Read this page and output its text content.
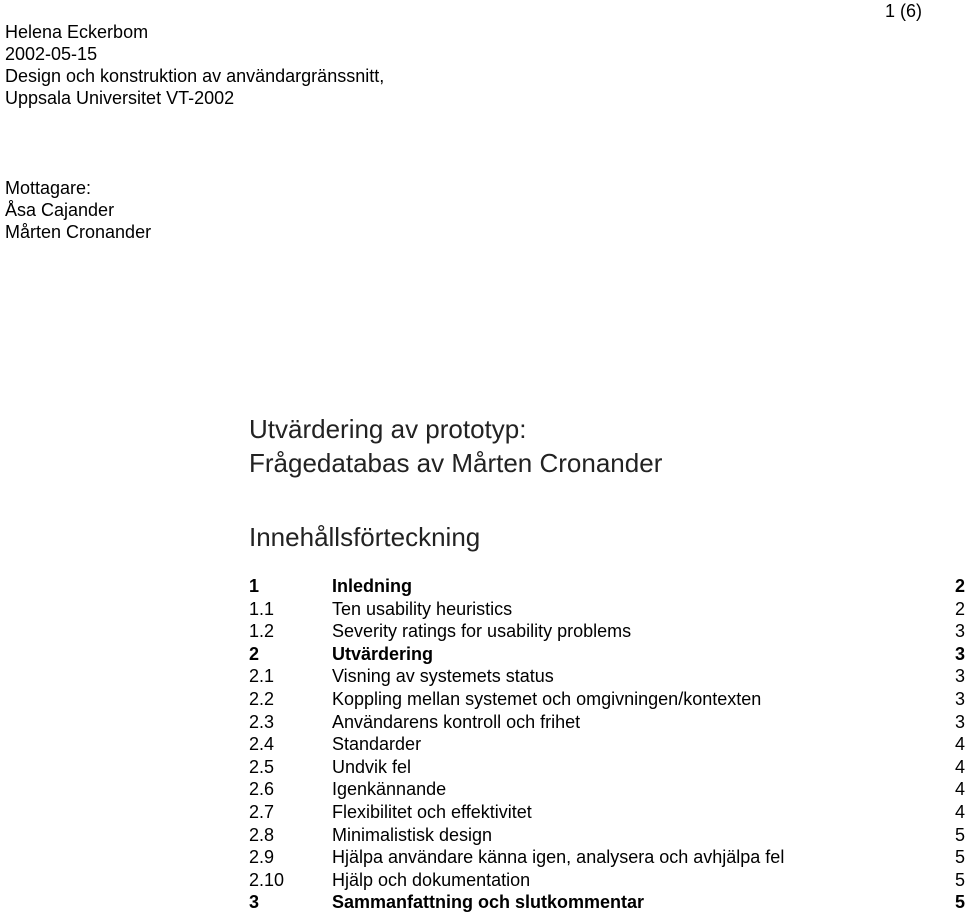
1 (6)
Helena Eckerbom
2002-05-15
Design och konstruktion av användargränssnitt,
Uppsala Universitet VT-2002
Mottagare:
Åsa Cajander
Mårten Cronander
Utvärdering av prototyp:
Frågedatabas av Mårten Cronander
Innehållsförteckning
1	Inledning	2
1.1	Ten usability heuristics	2
1.2	Severity ratings for usability problems	3
2	Utvärdering	3
2.1	Visning av systemets status	3
2.2	Koppling mellan systemet och omgivningen/kontexten	3
2.3	Användarens kontroll och frihet	3
2.4	Standarder	4
2.5	Undvik fel	4
2.6	Igenkännande	4
2.7	Flexibilitet och effektivitet	4
2.8	Minimalistisk design	5
2.9	Hjälpa användare känna igen, analysera och avhjälpa fel	5
2.10	Hjälp och dokumentation	5
3	Sammanfattning och slutkommentar	5
